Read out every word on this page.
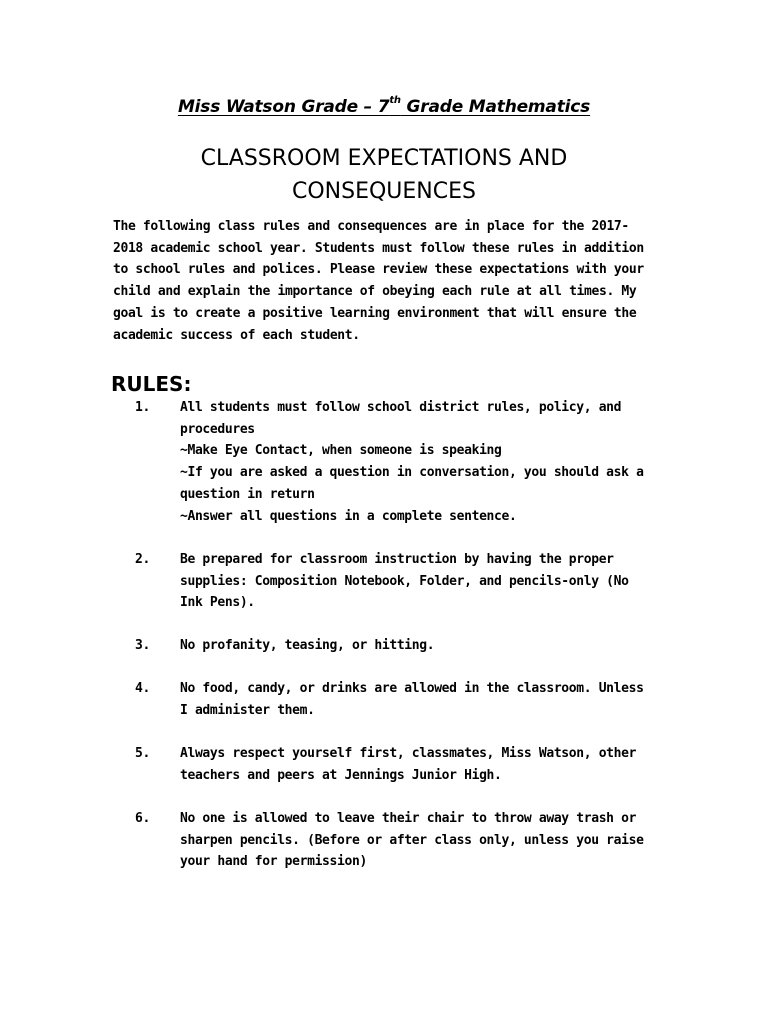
Miss Watson Grade – 7th Grade Mathematics
CLASSROOM EXPECTATIONS AND
CONSEQUENCES
The following class rules and consequences are in place for the 2017-
2018 academic school year. Students must follow these rules in addition
to school rules and polices. Please review these expectations with your
child and explain the importance of obeying each rule at all times. My
goal is to create a positive learning environment that will ensure the
academic success of each student.
RULES:
1. All students must follow school district rules, policy, and
procedures
~Make Eye Contact, when someone is speaking
~If you are asked a question in conversation, you should ask a
question in return
~Answer all questions in a complete sentence.
2. Be prepared for classroom instruction by having the proper
supplies: Composition Notebook, Folder, and pencils-only (No
Ink Pens).
3. No profanity, teasing, or hitting.
4. No food, candy, or drinks are allowed in the classroom. Unless
I administer them.
5. Always respect yourself first, classmates, Miss Watson, other
teachers and peers at Jennings Junior High.
6. No one is allowed to leave their chair to throw away trash or
sharpen pencils. (Before or after class only, unless you raise
your hand for permission)
